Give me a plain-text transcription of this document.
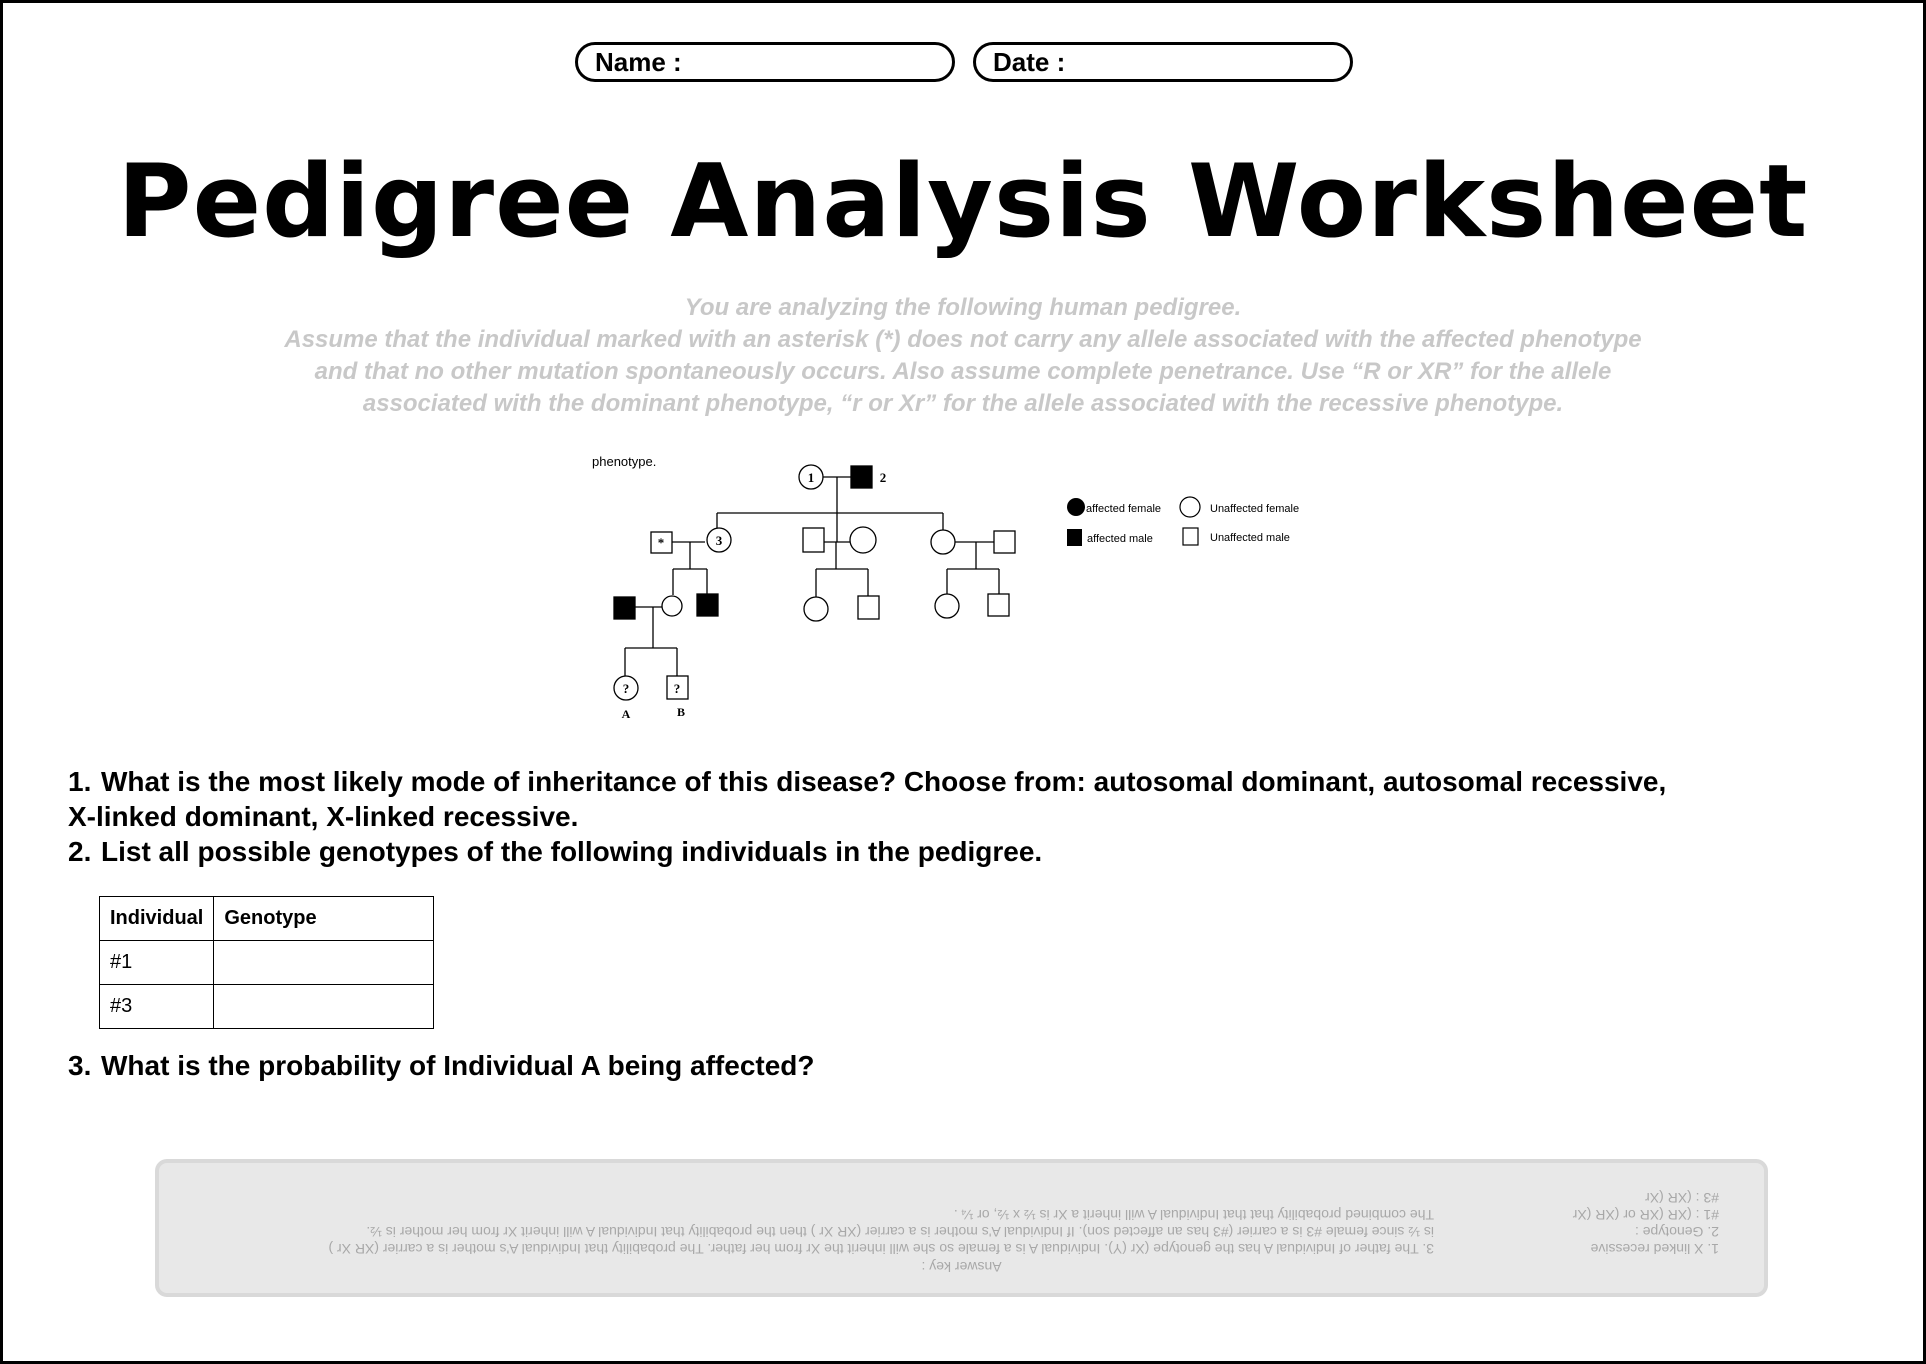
Name :	Date :
Pedigree Analysis Worksheet
You are analyzing the following human pedigree.
Assume that the individual marked with an asterisk (*) does not carry any allele associated with the affected phenotype
and that no other mutation spontaneously occurs. Also assume complete penetrance. Use “R or XR” for the allele
associated with the dominant phenotype, “r or Xr” for the allele associated with the recessive phenotype.
1	2
*	3
?	?
A	B
phenotype.
affected female	Unaffected female
affected male	Unaffected male
1. What is the most likely mode of inheritance of this disease? Choose from: autosomal dominant, autosomal recessive,
X-linked dominant, X-linked recessive.
2. List all possible genotypes of the following individuals in the pedigree.
Individual	Genotype
#1	
#3	
3. What is the probability of Individual A being affected?
Answer key :
1. X linked recessive
2. Genotype :
#1 : (XR (XR or (XR (Xr
#3 : (XR (Xr
3. The father of Individual A has the genotype (Xr (Y). Individual A is a female so she will inherit the Xr from her father. The probability that Individual A's mother is a carrier (XR Xr )
is ½ since female #3 is a carrier (#3 has an affected son). If Individual A's mother is a carrier (XR Xr ) then the probability that Individual A will inherit Xr from her mother is ½.
The combined probability that that Individual A will inherit a Xr is ½ x ½, or ¼ .
